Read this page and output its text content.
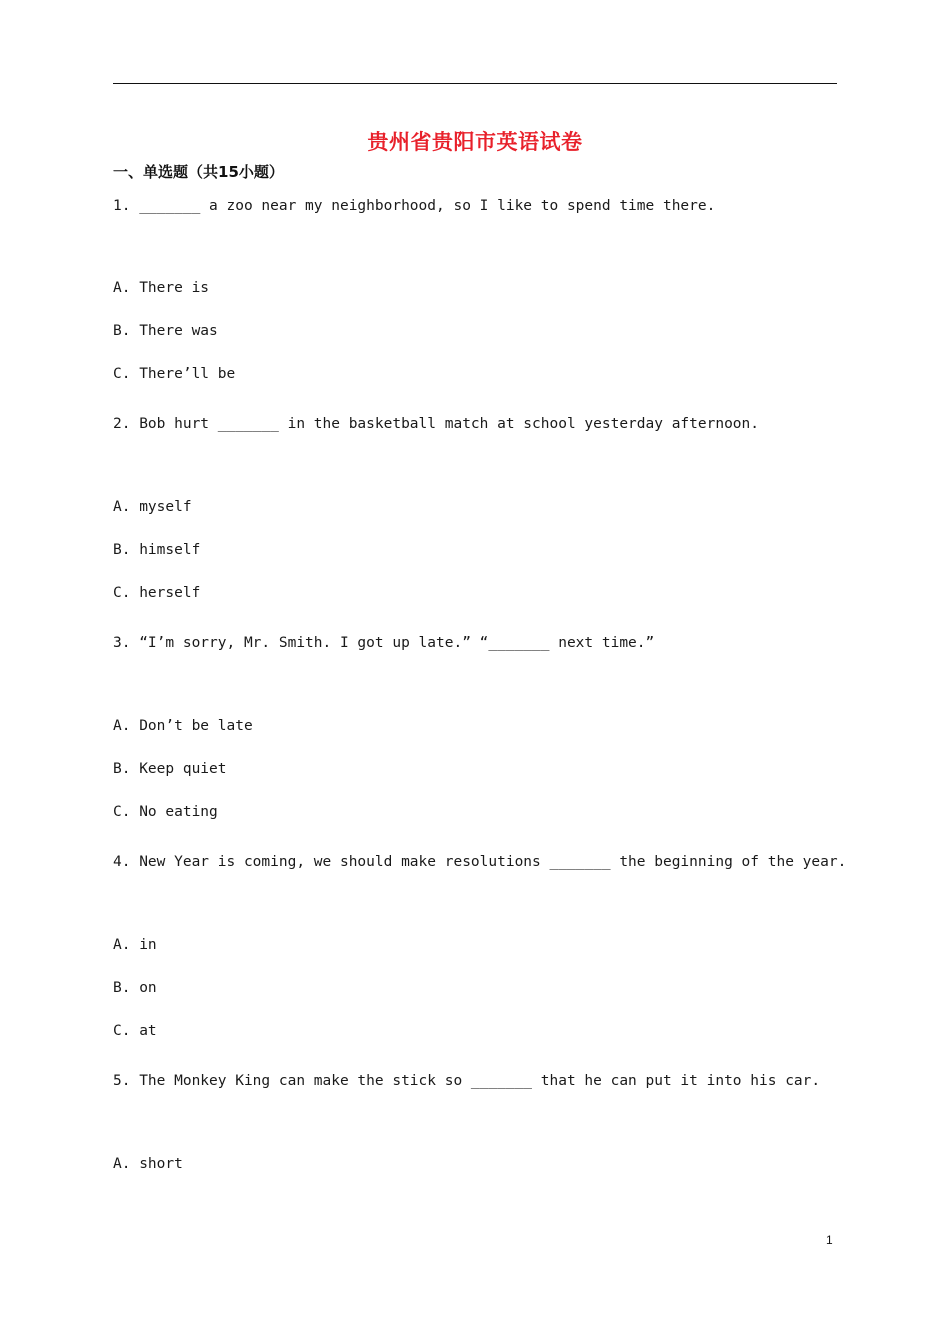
贵州省贵阳市英语试卷
一、单选题（共15小题）
1. _______ a zoo near my neighborhood, so I like to spend time there.
A. There is
B. There was
C. There’ll be
2. Bob hurt _______ in the basketball match at school yesterday afternoon.
A. myself
B. himself
C. herself
3. “I’m sorry, Mr. Smith. I got up late.” “_______ next time.”
A. Don’t be late
B. Keep quiet
C. No eating
4. New Year is coming, we should make resolutions _______ the beginning of the year.
A. in
B. on
C. at
5. The Monkey King can make the stick so _______ that he can put it into his car.
A. short
1
